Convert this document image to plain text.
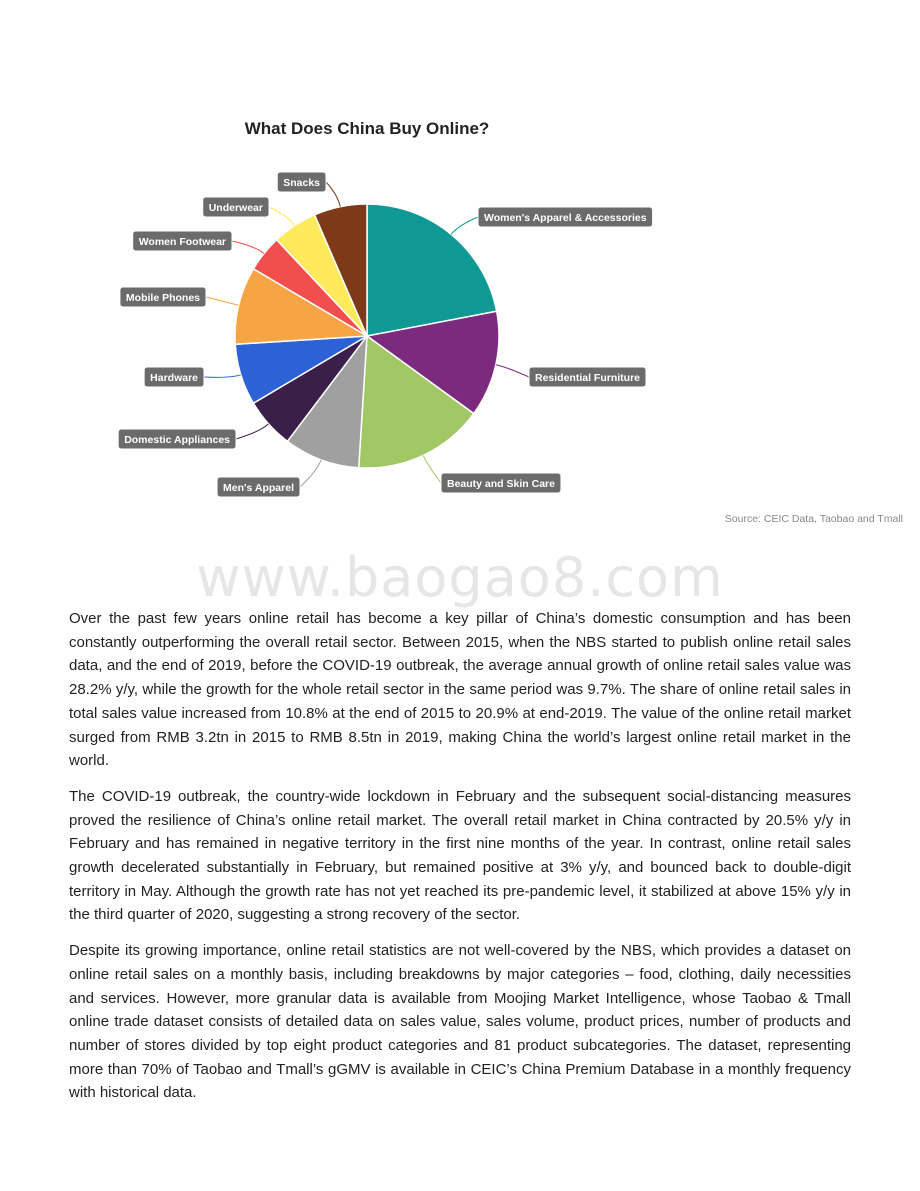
What Does China Buy Online?
Women's Apparel & Accessories
Residential Furniture
Beauty and Skin Care
Men's Apparel
Domestic Appliances
Hardware
Mobile Phones
Women Footwear
Underwear
Snacks
Source: CEIC Data, Taobao and Tmall
www.baogao8.com

Over the past few years online retail has become a key pillar of China’s domestic consumption and has been constantly outperforming the overall retail sector. Between 2015, when the NBS started to publish online retail sales data, and the end of 2019, before the COVID-19 outbreak, the average annual growth of online retail sales value was 28.2% y/y, while the growth for the whole retail sector in the same period was 9.7%. The share of online retail sales in total sales value increased from 10.8% at the end of 2015 to 20.9% at end-2019. The value of the online retail market surged from RMB 3.2tn in 2015 to RMB 8.5tn in 2019, making China the world’s largest online retail market in the world.

The COVID-19 outbreak, the country-wide lockdown in February and the subsequent social-distancing measures proved the resilience of China’s online retail market. The overall retail market in China contracted by 20.5% y/y in February and has remained in negative territory in the first nine months of the year. In contrast, online retail sales growth decelerated substantially in February, but remained positive at 3% y/y, and bounced back to double-digit territory in May. Although the growth rate has not yet reached its pre-pandemic level, it stabilized at above 15% y/y in the third quarter of 2020, suggesting a strong recovery of the sector.

Despite its growing importance, online retail statistics are not well-covered by the NBS, which provides a dataset on online retail sales on a monthly basis, including breakdowns by major categories – food, clothing, daily necessities and services. However, more granular data is available from Moojing Market Intelligence, whose Taobao & Tmall online trade dataset consists of detailed data on sales value, sales volume, product prices, number of products and number of stores divided by top eight product categories and 81 product subcategories. The dataset, representing more than 70% of Taobao and Tmall’s gGMV is available in CEIC’s China Premium Database in a monthly frequency with historical data.
